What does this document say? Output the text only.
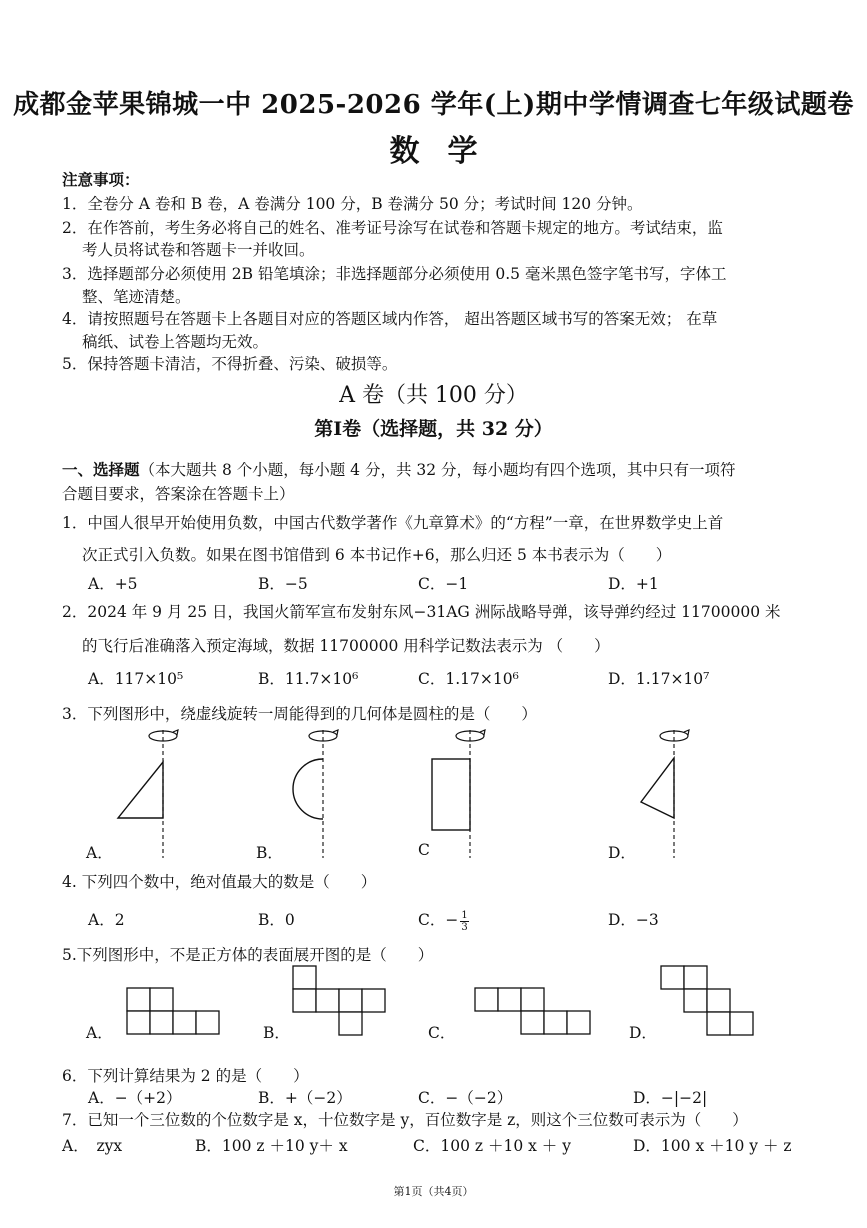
成都金苹果锦城一中 2025-2026 学年(上)期中学情调查七年级试题卷
数学
注意事项：
1．全卷分 A 卷和 B 卷，A 卷满分 100 分，B 卷满分 50 分；考试时间 120 分钟。
2．在作答前，考生务必将自己的姓名、准考证号涂写在试卷和答题卡规定的地方。考试结束，监
考人员将试卷和答题卡一并收回。
3．选择题部分必须使用 2B 铅笔填涂；非选择题部分必须使用 0.5 毫米黑色签字笔书写，字体工
整、笔迹清楚。
4．请按照题号在答题卡上各题目对应的答题区域内作答， 超出答题区域书写的答案无效； 在草
稿纸、试卷上答题均无效。
5．保持答题卡清洁，不得折叠、污染、破损等。
A 卷（共 100 分）
第Ⅰ卷（选择题，共 32 分）
一、选择题（本大题共 8 个小题，每小题 4 分，共 32 分，每小题均有四个选项，其中只有一项符
合题目要求，答案涂在答题卡上）
1．中国人很早开始使用负数，中国古代数学著作《九章算术》的“方程”一章，在世界数学史上首
次正式引入负数。如果在图书馆借到 6 本书记作+6，那么归还 5 本书表示为（　　）
A．+5	B．−5	C．−1	D．+1
2．2024 年 9 月 25 日，我国火箭军宣布发射东风−31AG 洲际战略导弹，该导弹约经过 11700000 米
的飞行后准确落入预定海域，数据 11700000 用科学记数法表示为 （　　）
A．117×10⁵	B．11.7×10⁶	C．1.17×10⁶	D．1.17×10⁷
3．下列图形中，绕虚线旋转一周能得到的几何体是圆柱的是（　　）
A．	B．	C	D．
4. 下列四个数中，绝对值最大的数是（　　）
A．2	B．0	C．− $\frac{1}{3}$	D．−3
5.下列图形中，不是正方体的表面展开图的是（　　）
A．	B．	C．	D．
6．下列计算结果为 2 的是（　　）
A．−（+2）	B．+（−2）	C．−（−2）	D．−|−2|
7．已知一个三位数的个位数字是 x，十位数字是 y，百位数字是 z，则这个三位数可表示为（　　）
A．　zyx	B．100 z ＋10 y＋ x	C．100 z ＋10 x ＋ y	D．100 x ＋10 y ＋ z
第1页（共4页）
